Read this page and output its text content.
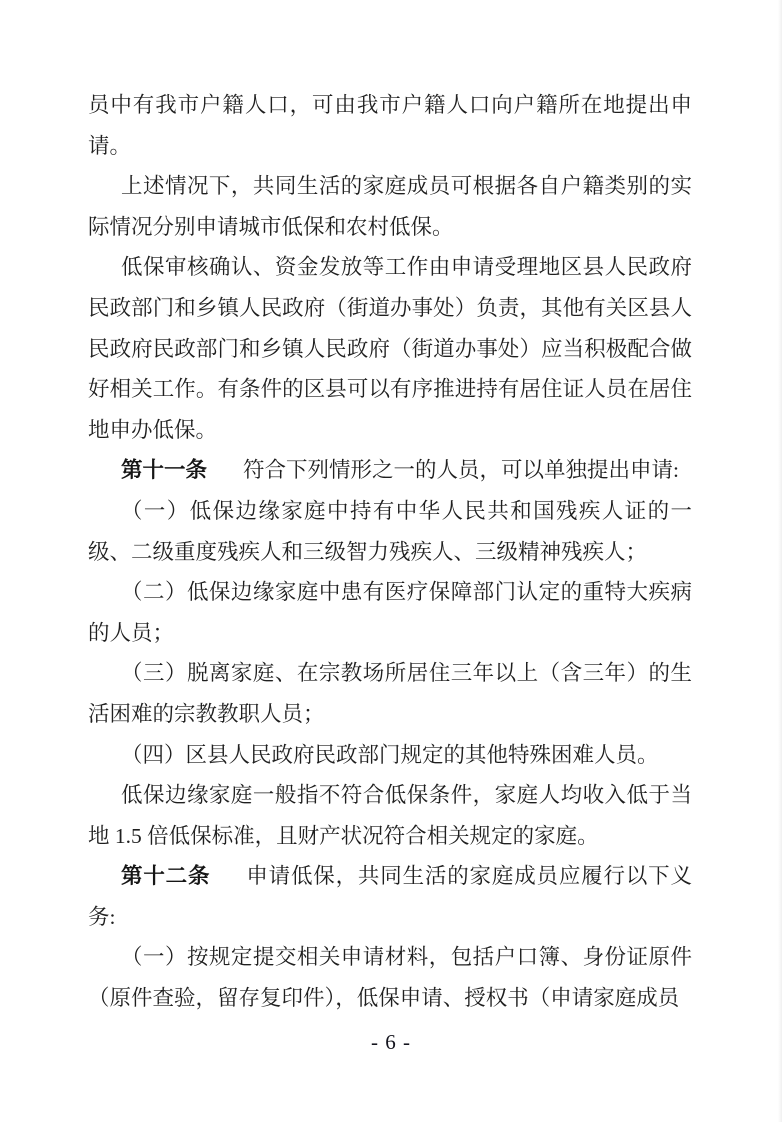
员中有我市户籍人口，可由我市户籍人口向户籍所在地提出申请。

上述情况下，共同生活的家庭成员可根据各自户籍类别的实际情况分别申请城市低保和农村低保。

低保审核确认、资金发放等工作由申请受理地区县人民政府民政部门和乡镇人民政府（街道办事处）负责，其他有关区县人民政府民政部门和乡镇人民政府（街道办事处）应当积极配合做好相关工作。有条件的区县可以有序推进持有居住证人员在居住地申办低保。

第十一条 符合下列情形之一的人员，可以单独提出申请:

（一）低保边缘家庭中持有中华人民共和国残疾人证的一级、二级重度残疾人和三级智力残疾人、三级精神残疾人；

（二）低保边缘家庭中患有医疗保障部门认定的重特大疾病的人员；

（三）脱离家庭、在宗教场所居住三年以上（含三年）的生活困难的宗教教职人员；

（四）区县人民政府民政部门规定的其他特殊困难人员。

低保边缘家庭一般指不符合低保条件，家庭人均收入低于当地 1.5 倍低保标准，且财产状况符合相关规定的家庭。

第十二条 申请低保，共同生活的家庭成员应履行以下义务:

（一）按规定提交相关申请材料，包括户口簿、身份证原件（原件查验，留存复印件），低保申请、授权书（申请家庭成员

- 6 -
